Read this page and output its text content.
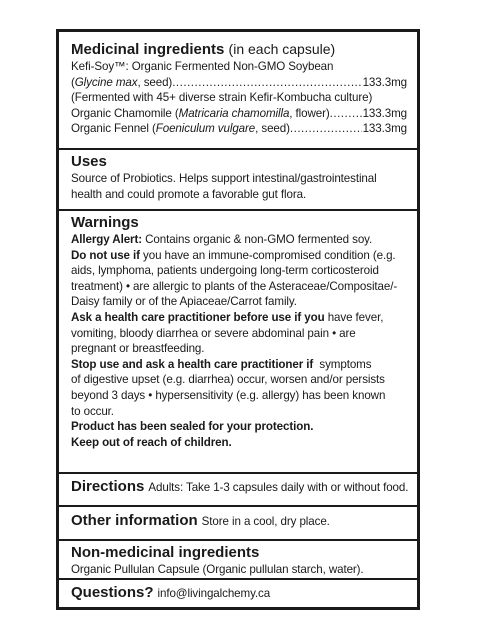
Medicinal ingredients (in each capsule)
Kefi-Soy™: Organic Fermented Non-GMO Soybean
( Glycine max , seed) .....	133.3mg
(Fermented with 45+ diverse strain Kefir-Kombucha culture)
Organic Chamomile ( Matricaria chamomilla , flower) .....	133.3mg
Organic Fennel ( Foeniculum vulgare , seed) .....	133.3mg
Uses
Source of Probiotics. Helps support intestinal/gastrointestinal
health and could promote a favorable gut flora.
Warnings
Allergy Alert: Contains organic & non-GMO fermented soy.
Do not use if you have an immune-compromised condition (e.g.
aids, lymphoma, patients undergoing long-term corticosteroid
treatment) • are allergic to plants of the Asteraceae/Compositae/-
Daisy family or of the Apiaceae/Carrot family.
Ask a health care practitioner before use if you have fever,
vomiting, bloody diarrhea or severe abdominal pain • are
pregnant or breastfeeding.
Stop use and ask a health care practitioner if  symptoms
of digestive upset (e.g. diarrhea) occur, worsen and/or persists
beyond 3 days • hypersensitivity (e.g. allergy) has been known
to occur.
Product has been sealed for your protection.
Keep out of reach of children.
Directions Adults: Take 1-3 capsules daily with or without food.
Other information Store in a cool, dry place.
Non-medicinal ingredients
Organic Pullulan Capsule (Organic pullulan starch, water).
Questions? info@livingalchemy.ca
